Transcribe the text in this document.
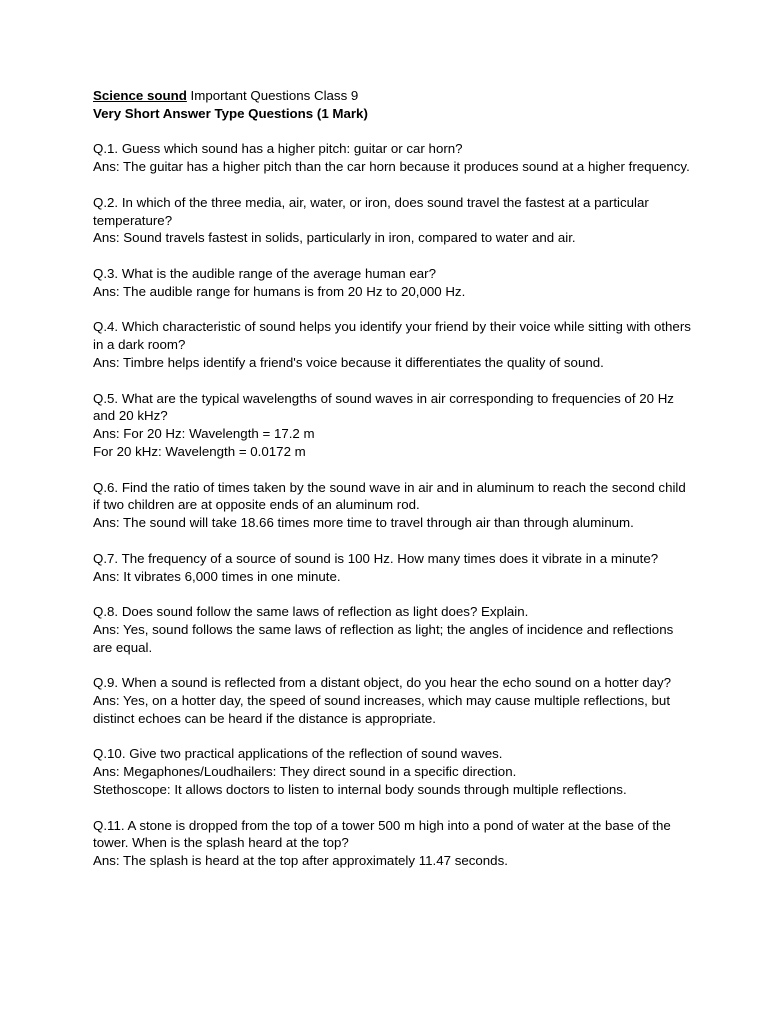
Science sound Important Questions Class 9

Very Short Answer Type Questions (1 Mark)

Q.1. Guess which sound has a higher pitch: guitar or car horn?

Ans: The guitar has a higher pitch than the car horn because it produces sound at a higher frequency.

Q.2. In which of the three media, air, water, or iron, does sound travel the fastest at a particular temperature?

Ans: Sound travels fastest in solids, particularly in iron, compared to water and air.

Q.3. What is the audible range of the average human ear?

Ans: The audible range for humans is from 20 Hz to 20,000 Hz.

Q.4. Which characteristic of sound helps you identify your friend by their voice while sitting with others in a dark room?

Ans: Timbre helps identify a friend's voice because it differentiates the quality of sound.

Q.5. What are the typical wavelengths of sound waves in air corresponding to frequencies of 20 Hz and 20 kHz?

Ans: For 20 Hz: Wavelength = 17.2 m

For 20 kHz: Wavelength = 0.0172 m

Q.6. Find the ratio of times taken by the sound wave in air and in aluminum to reach the second child if two children are at opposite ends of an aluminum rod.

Ans: The sound will take 18.66 times more time to travel through air than through aluminum.

Q.7. The frequency of a source of sound is 100 Hz. How many times does it vibrate in a minute?

Ans: It vibrates 6,000 times in one minute.

Q.8. Does sound follow the same laws of reflection as light does? Explain.

Ans: Yes, sound follows the same laws of reflection as light; the angles of incidence and reflections are equal.

Q.9. When a sound is reflected from a distant object, do you hear the echo sound on a hotter day?

Ans: Yes, on a hotter day, the speed of sound increases, which may cause multiple reflections, but distinct echoes can be heard if the distance is appropriate.

Q.10. Give two practical applications of the reflection of sound waves.

Ans: Megaphones/Loudhailers: They direct sound in a specific direction.

Stethoscope: It allows doctors to listen to internal body sounds through multiple reflections.

Q.11. A stone is dropped from the top of a tower 500 m high into a pond of water at the base of the tower. When is the splash heard at the top?

Ans: The splash is heard at the top after approximately 11.47 seconds.
